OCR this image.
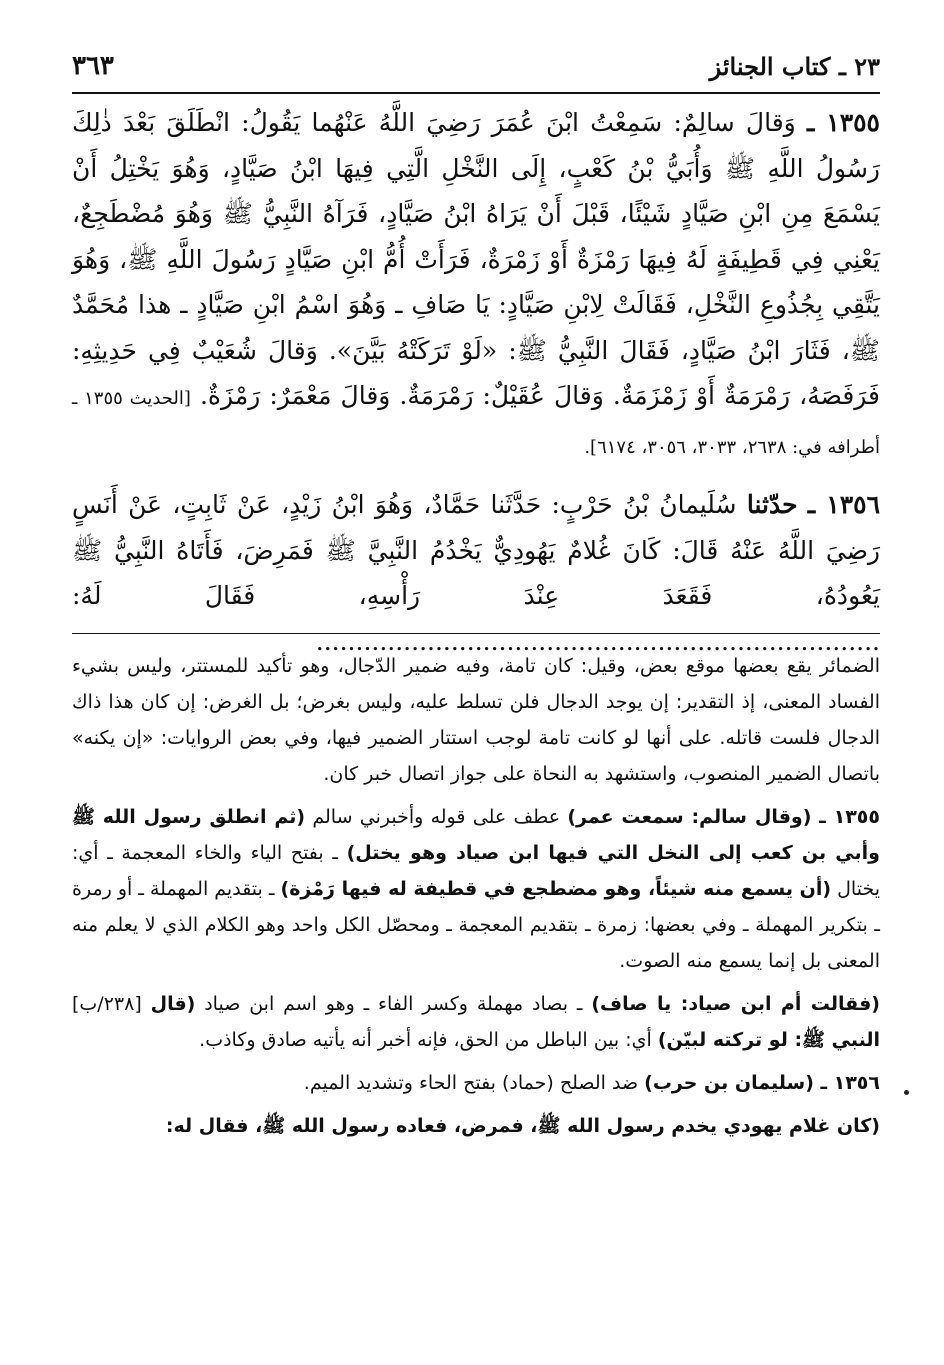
٢٣ ـ كتاب الجنائز
٣٦٣

١٣٥٥ ـ وَقالَ سالِمٌ: سَمِعْتُ ابْنَ عُمَرَ رَضِيَ اللَّهُ عَنْهُما يَقُولُ: انْطَلَقَ بَعْدَ ذٰلِكَ رَسُولُ اللَّهِ ﷺ وَأُبَيُّ بْنُ كَعْبٍ، إِلَى النَّخْلِ الَّتِي فِيهَا ابْنُ صَيَّادٍ، وَهُوَ يَخْتِلُ أَنْ يَسْمَعَ مِنِ ابْنِ صَيَّادٍ شَيْئًا، قَبْلَ أَنْ يَرَاهُ ابْنُ صَيَّادٍ، فَرَآهُ النَّبِيُّ ﷺ وَهُوَ مُضْطَجِعٌ، يَعْنِي فِي قَطِيفَةٍ لَهُ فِيهَا رَمْزَةٌ أَوْ زَمْرَةٌ، فَرَأَتْ أُمُّ ابْنِ صَيَّادٍ رَسُولَ اللَّهِ ﷺ، وَهُوَ يَتَّقِي بِجُذُوعِ النَّخْلِ، فَقَالَتْ لِابْنِ صَيَّادٍ: يَا صَافِ ـ وَهُوَ اسْمُ ابْنِ صَيَّادٍ ـ هذا مُحَمَّدٌ ﷺ، فَثَارَ ابْنُ صَيَّادٍ، فَقَالَ النَّبِيُّ ﷺ: «لَوْ تَرَكَتْهُ بَيَّنَ». وَقالَ شُعَيْبٌ فِي حَدِيثِهِ: فَرَفَصَهُ، رَمْرَمَةٌ أَوْ زَمْزَمَةٌ. وَقالَ عُقَيْلٌ: رَمْرَمَةٌ. وَقالَ مَعْمَرٌ: رَمْزَةٌ. [الحديث ١٣٥٥ ـ أطرافه في: ٢٦٣٨، ٣٠٣٣، ٣٠٥٦، ٦١٧٤].

١٣٥٦ ـ حدّثنا سُلَيمانُ بْنُ حَرْبٍ: حَدَّثَنا حَمَّادٌ، وَهُوَ ابْنُ زَيْدٍ، عَنْ ثَابِتٍ، عَنْ أَنَسٍ رَضِيَ اللَّهُ عَنْهُ قَالَ: كَانَ غُلامٌ يَهُودِيٌّ يَخْدُمُ النَّبِيَّ ﷺ فَمَرِضَ، فَأَتَاهُ النَّبِيُّ ﷺ يَعُودُهُ، فَقَعَدَ عِنْدَ رَأْسِهِ، فَقَالَ لَهُ: .......................................................................

الضمائر يقع بعضها موقع بعض، وقيل: كان تامة، وفيه ضمير الدّجال، وهو تأكيد للمستتر، وليس بشيء الفساد المعنى، إذ التقدير: إن يوجد الدجال فلن تسلط عليه، وليس بغرض؛ بل الغرض: إن كان هذا ذاك الدجال فلست قاتله. على أنها لو كانت تامة لوجب استتار الضمير فيها، وفي بعض الروايات: «إن يكنه» باتصال الضمير المنصوب، واستشهد به النحاة على جواز اتصال خبر كان.

١٣٥٥ ـ (وقال سالم: سمعت عمر) عطف على قوله وأخبرني سالم (ثم انطلق رسول الله ﷺ وأبي بن كعب إلى النخل التي فيها ابن صياد وهو يختل) ـ بفتح الياء والخاء المعجمة ـ أي: يختال (أن يسمع منه شيئاً، وهو مضطجع في قطيفة له فيها رَمْزة) ـ بتقديم المهملة ـ أو رمرة ـ بتكرير المهملة ـ وفي بعضها: زمرة ـ بتقديم المعجمة ـ ومحصّل الكل واحد وهو الكلام الذي لا يعلم منه المعنى بل إنما يسمع منه الصوت.

(فقالت أم ابن صياد: يا صاف) ـ بصاد مهملة وكسر الفاء ـ وهو اسم ابن صياد (قال [٢٣٨/ب] النبي ﷺ: لو تركته لبيّن) أي: بين الباطل من الحق، فإنه أخبر أنه يأتيه صادق وكاذب.

١٣٥٦ ـ (سليمان بن حرب) ضد الصلح (حماد) بفتح الحاء وتشديد الميم.

(كان غلام يهودي يخدم رسول الله ﷺ، فمرض، فعاده رسول الله ﷺ، فقال له:
